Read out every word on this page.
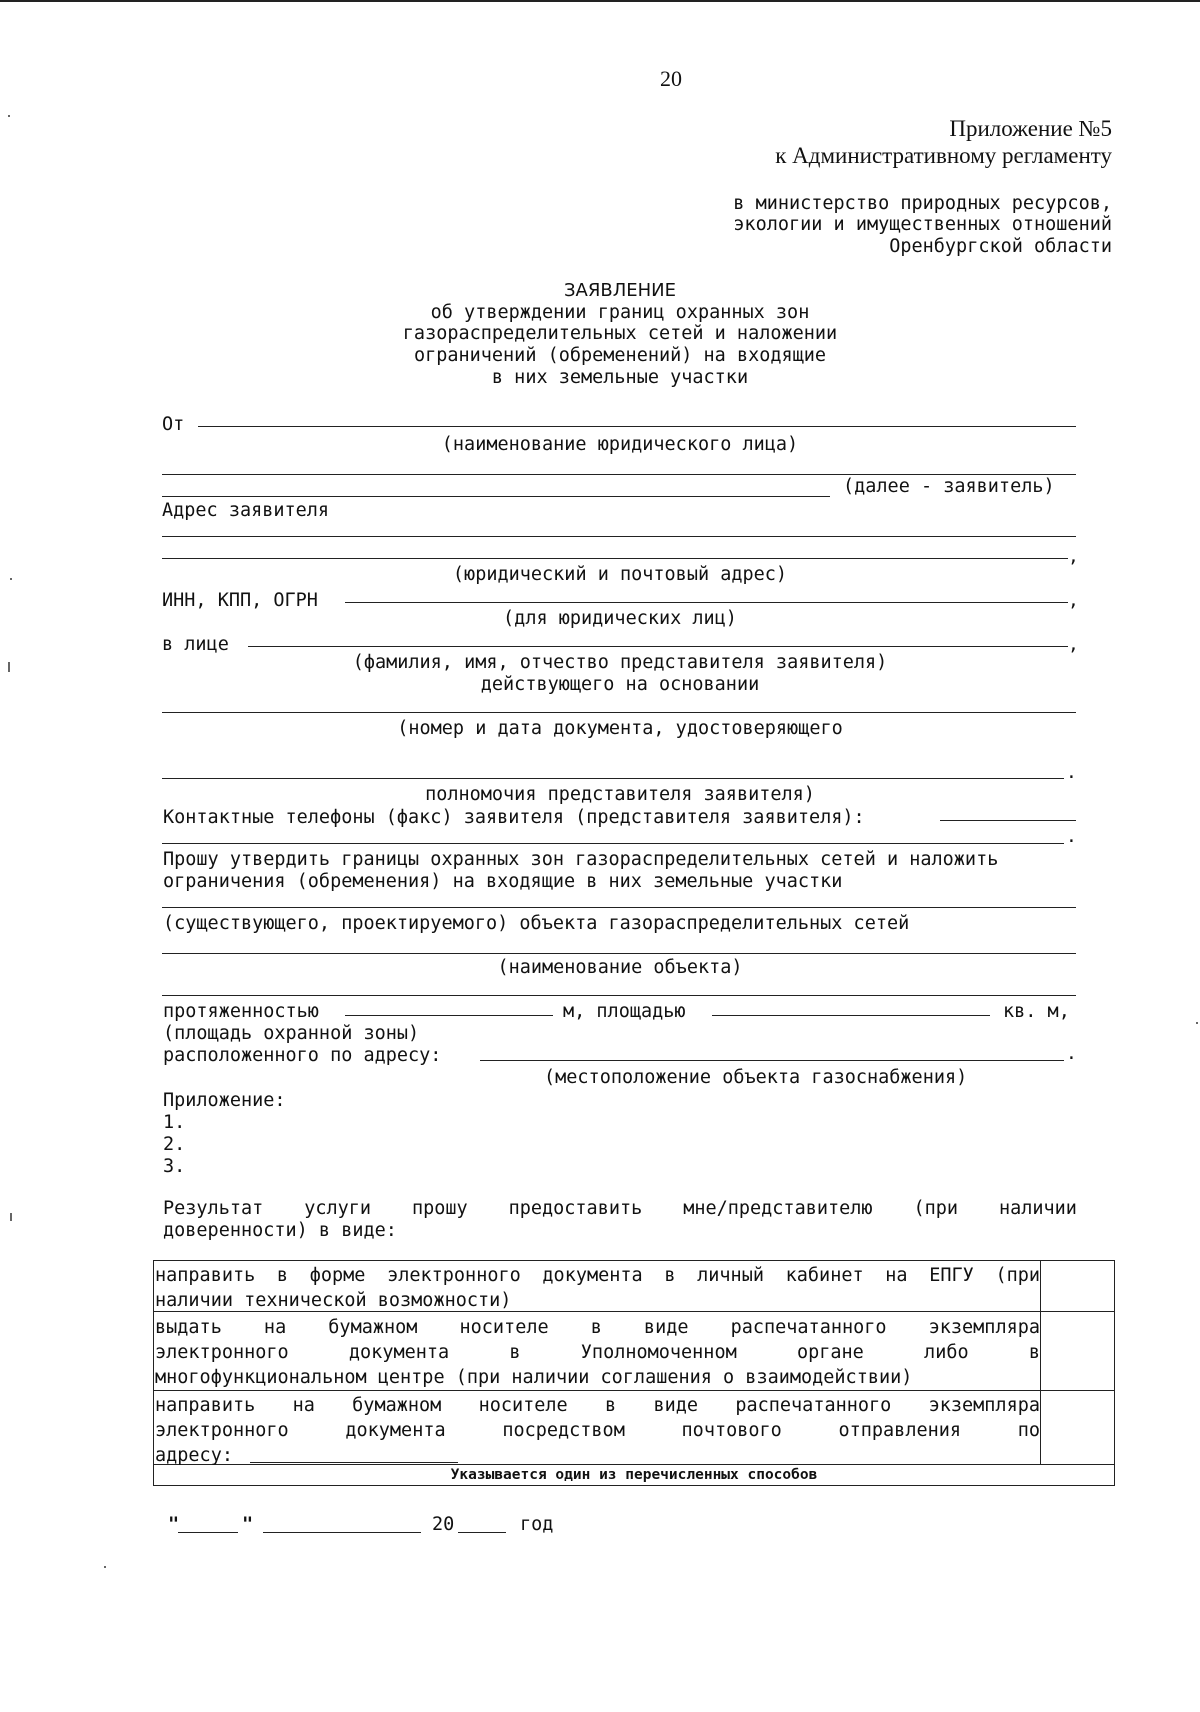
20
Приложение №5
к Административному регламенту
в министерство природных ресурсов,
экологии и имущественных отношений
Оренбургской области
ЗАЯВЛЕНИЕ
об утверждении границ охранных зон
газораспределительных сетей и наложении
ограничений (обременений) на входящие
в них земельные участки
От
(наименование юридического лица)
(далее - заявитель)
Адрес заявителя
,
(юридический и почтовый адрес)
ИНН, КПП, ОГРН	,
(для юридических лиц)
в лице	,
(фамилия, имя, отчество представителя заявителя)
действующего на основании
(номер и дата документа, удостоверяющего
.
полномочия представителя заявителя)
Контактные телефоны (факс) заявителя (представителя заявителя):
.
Прошу утвердить границы охранных зон газораспределительных сетей и наложить
ограничения (обременения) на входящие в них земельные участки
(существующего, проектируемого) объекта газораспределительных сетей
(наименование объекта)
протяженностью	м, площадью	кв. м,
(площадь охранной зоны)
расположенного по адресу:	.
(местоположение объекта газоснабжения)
Приложение:
1.
2.
3.
Результат услуги прошу предоставить мне/представителю (при наличии
доверенности) в виде:
направить в форме электронного документа в личный кабинет на ЕПГУ (при
наличии технической возможности)
выдать на бумажном носителе в виде распечатанного экземпляра
электронного документа в Уполномоченном органе либо в
многофункциональном центре (при наличии соглашения о взаимодействии)
направить на бумажном носителе в виде распечатанного экземпляра
электронного документа посредством почтового отправления по
адресу:
Указывается один из перечисленных способов
"	"	20	год
